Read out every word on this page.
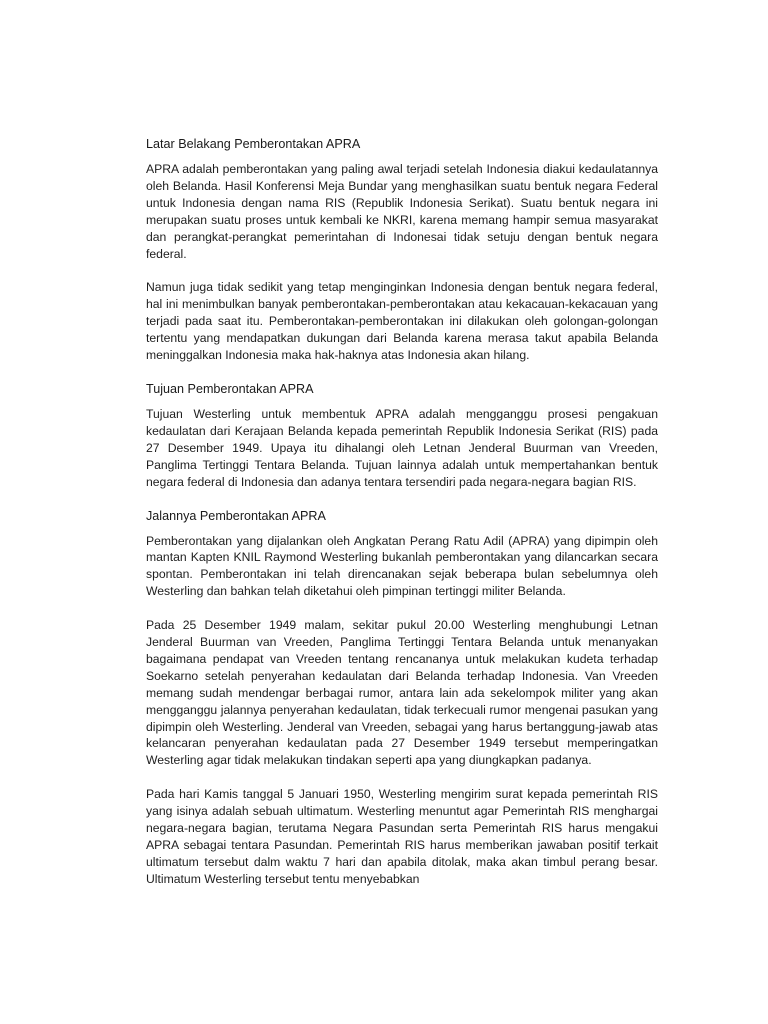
Latar Belakang Pemberontakan APRA

APRA adalah pemberontakan yang paling awal terjadi setelah Indonesia diakui kedaulatannya oleh Belanda. Hasil Konferensi Meja Bundar yang menghasilkan suatu bentuk negara Federal untuk Indonesia dengan nama RIS (Republik Indonesia Serikat). Suatu bentuk negara ini merupakan suatu proses untuk kembali ke NKRI, karena memang hampir semua masyarakat dan perangkat-perangkat pemerintahan di Indonesai tidak setuju dengan bentuk negara federal.

Namun juga tidak sedikit yang tetap menginginkan Indonesia dengan bentuk negara federal, hal ini menimbulkan banyak pemberontakan-pemberontakan atau kekacauan-kekacauan yang terjadi pada saat itu. Pemberontakan-pemberontakan ini dilakukan oleh golongan-golongan tertentu yang mendapatkan dukungan dari Belanda karena merasa takut apabila Belanda meninggalkan Indonesia maka hak-haknya atas Indonesia akan hilang.

Tujuan Pemberontakan APRA

Tujuan Westerling untuk membentuk APRA adalah mengganggu prosesi pengakuan kedaulatan dari Kerajaan Belanda kepada pemerintah Republik Indonesia Serikat (RIS) pada 27 Desember 1949. Upaya itu dihalangi oleh Letnan Jenderal Buurman van Vreeden, Panglima Tertinggi Tentara Belanda. Tujuan lainnya adalah untuk mempertahankan bentuk negara federal di Indonesia dan adanya tentara tersendiri pada negara-negara bagian RIS.

Jalannya Pemberontakan APRA

Pemberontakan yang dijalankan oleh Angkatan Perang Ratu Adil (APRA) yang dipimpin oleh mantan Kapten KNIL Raymond Westerling bukanlah pemberontakan yang dilancarkan secara spontan. Pemberontakan ini telah direncanakan sejak beberapa bulan sebelumnya oleh Westerling dan bahkan telah diketahui oleh pimpinan tertinggi militer Belanda.

Pada 25 Desember 1949 malam, sekitar pukul 20.00 Westerling menghubungi Letnan Jenderal Buurman van Vreeden, Panglima Tertinggi Tentara Belanda untuk menanyakan bagaimana pendapat van Vreeden tentang rencananya untuk melakukan kudeta terhadap Soekarno setelah penyerahan kedaulatan dari Belanda terhadap Indonesia. Van Vreeden memang sudah mendengar berbagai rumor, antara lain ada sekelompok militer yang akan mengganggu jalannya penyerahan kedaulatan, tidak terkecuali rumor mengenai pasukan yang dipimpin oleh Westerling. Jenderal van Vreeden, sebagai yang harus bertanggung-jawab atas kelancaran penyerahan kedaulatan pada 27 Desember 1949 tersebut memperingatkan Westerling agar tidak melakukan tindakan seperti apa yang diungkapkan padanya.

Pada hari Kamis tanggal 5 Januari 1950, Westerling mengirim surat kepada pemerintah RIS yang isinya adalah sebuah ultimatum. Westerling menuntut agar Pemerintah RIS menghargai negara-negara bagian, terutama Negara Pasundan serta Pemerintah RIS harus mengakui APRA sebagai tentara Pasundan. Pemerintah RIS harus memberikan jawaban positif terkait ultimatum tersebut dalm waktu 7 hari dan apabila ditolak, maka akan timbul perang besar. Ultimatum Westerling tersebut tentu menyebabkan
